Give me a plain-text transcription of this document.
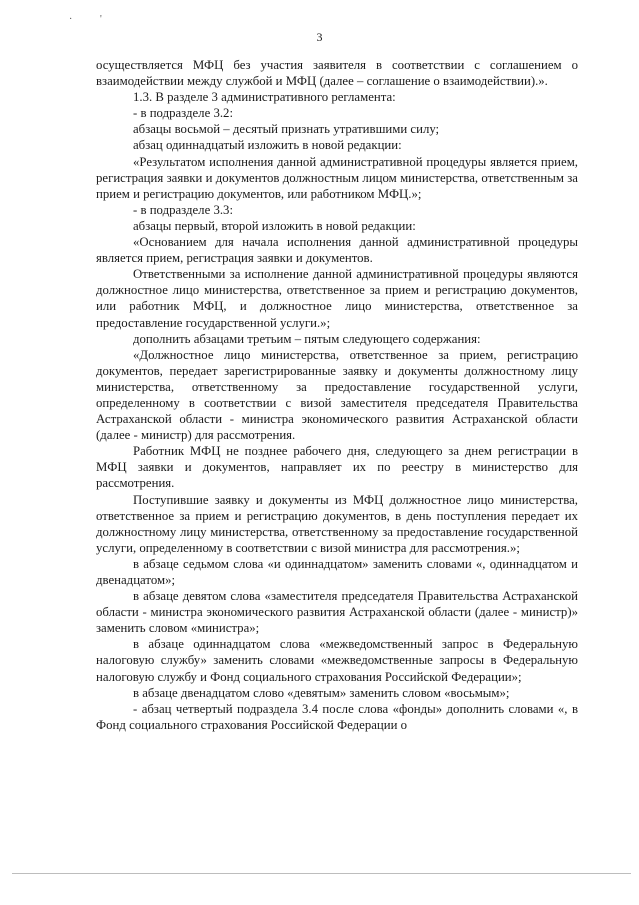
·	'
3

осуществляется МФЦ без участия заявителя в соответствии с соглашением о взаимодействии между службой и МФЦ (далее – соглашение о взаимодействии).».

1.3. В разделе 3 административного регламента:

- в подразделе 3.2:

абзацы восьмой – десятый признать утратившими силу;

абзац одиннадцатый изложить в новой редакции:

«Результатом исполнения данной административной процедуры является прием, регистрация заявки и документов должностным лицом министерства, ответственным за прием и регистрацию документов, или работником МФЦ.»;

- в подразделе 3.3:

абзацы первый, второй изложить в новой редакции:

«Основанием для начала исполнения данной административной процедуры является прием, регистрация заявки и документов.

Ответственными за исполнение данной административной процедуры являются должностное лицо министерства, ответственное за прием и регистрацию документов, или работник МФЦ, и должностное лицо министерства, ответственное за предоставление государственной услуги.»;

дополнить абзацами третьим – пятым следующего содержания:

«Должностное лицо министерства, ответственное за прием, регистрацию документов, передает зарегистрированные заявку и документы должностному лицу министерства, ответственному за предоставление государственной услуги, определенному в соответствии с визой заместителя председателя Правительства Астраханской области - министра экономического развития Астраханской области (далее - министр) для рассмотрения.

Работник МФЦ не позднее рабочего дня, следующего за днем регистрации в МФЦ заявки и документов, направляет их по реестру в министерство для рассмотрения.

Поступившие заявку и документы из МФЦ должностное лицо министерства, ответственное за прием и регистрацию документов, в день поступления передает их должностному лицу министерства, ответственному за предоставление государственной услуги, определенному в соответствии с визой министра для рассмотрения.»;

в абзаце седьмом слова «и одиннадцатом» заменить словами «, одиннадцатом и двенадцатом»;

в абзаце девятом слова «заместителя председателя Правительства Астраханской области - министра экономического развития Астраханской области (далее - министр)» заменить словом «министра»;

в абзаце одиннадцатом слова «межведомственный запрос в Федеральную налоговую службу» заменить словами «межведомственные запросы в Федеральную налоговую службу и Фонд социального страхования Российской Федерации»;

в абзаце двенадцатом слово «девятым» заменить словом «восьмым»;

- абзац четвертый подраздела 3.4 после слова «фонды» дополнить словами «, в Фонд социального страхования Российской Федерации о
